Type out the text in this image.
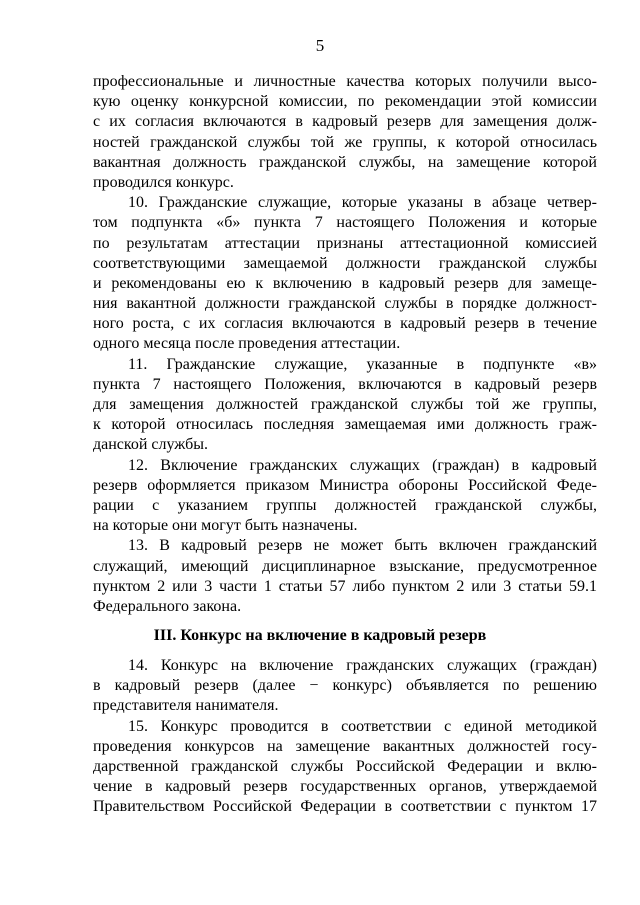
5
профессиональные и личностные качества которых получили высо-
кую оценку конкурсной комиссии, по рекомендации этой комиссии
с их согласия включаются в кадровый резерв для замещения долж-
ностей гражданской службы той же группы, к которой относилась
вакантная должность гражданской службы, на замещение которой
проводился конкурс.
10. Гражданские служащие, которые указаны в абзаце четвер-
том подпункта «б» пункта 7 настоящего Положения и которые
по результатам аттестации признаны аттестационной комиссией
соответствующими замещаемой должности гражданской службы
и рекомендованы ею к включению в кадровый резерв для замеще-
ния вакантной должности гражданской службы в порядке должност-
ного роста, с их согласия включаются в кадровый резерв в течение
одного месяца после проведения аттестации.
11. Гражданские служащие, указанные в подпункте «в»
пункта 7 настоящего Положения, включаются в кадровый резерв
для замещения должностей гражданской службы той же группы,
к которой относилась последняя замещаемая ими должность граж-
данской службы.
12. Включение гражданских служащих (граждан) в кадровый
резерв оформляется приказом Министра обороны Российской Феде-
рации с указанием группы должностей гражданской службы,
на которые они могут быть назначены.
13. В кадровый резерв не может быть включен гражданский
служащий, имеющий дисциплинарное взыскание, предусмотренное
пунктом 2 или 3 части 1 статьи 57 либо пунктом 2 или 3 статьи 59.1
Федерального закона.
III. Конкурс на включение в кадровый резерв
14. Конкурс на включение гражданских служащих (граждан)
в кадровый резерв (далее − конкурс) объявляется по решению
представителя нанимателя.
15. Конкурс проводится в соответствии с единой методикой
проведения конкурсов на замещение вакантных должностей госу-
дарственной гражданской службы Российской Федерации и вклю-
чение в кадровый резерв государственных органов, утверждаемой
Правительством Российской Федерации в соответствии с пунктом 17
